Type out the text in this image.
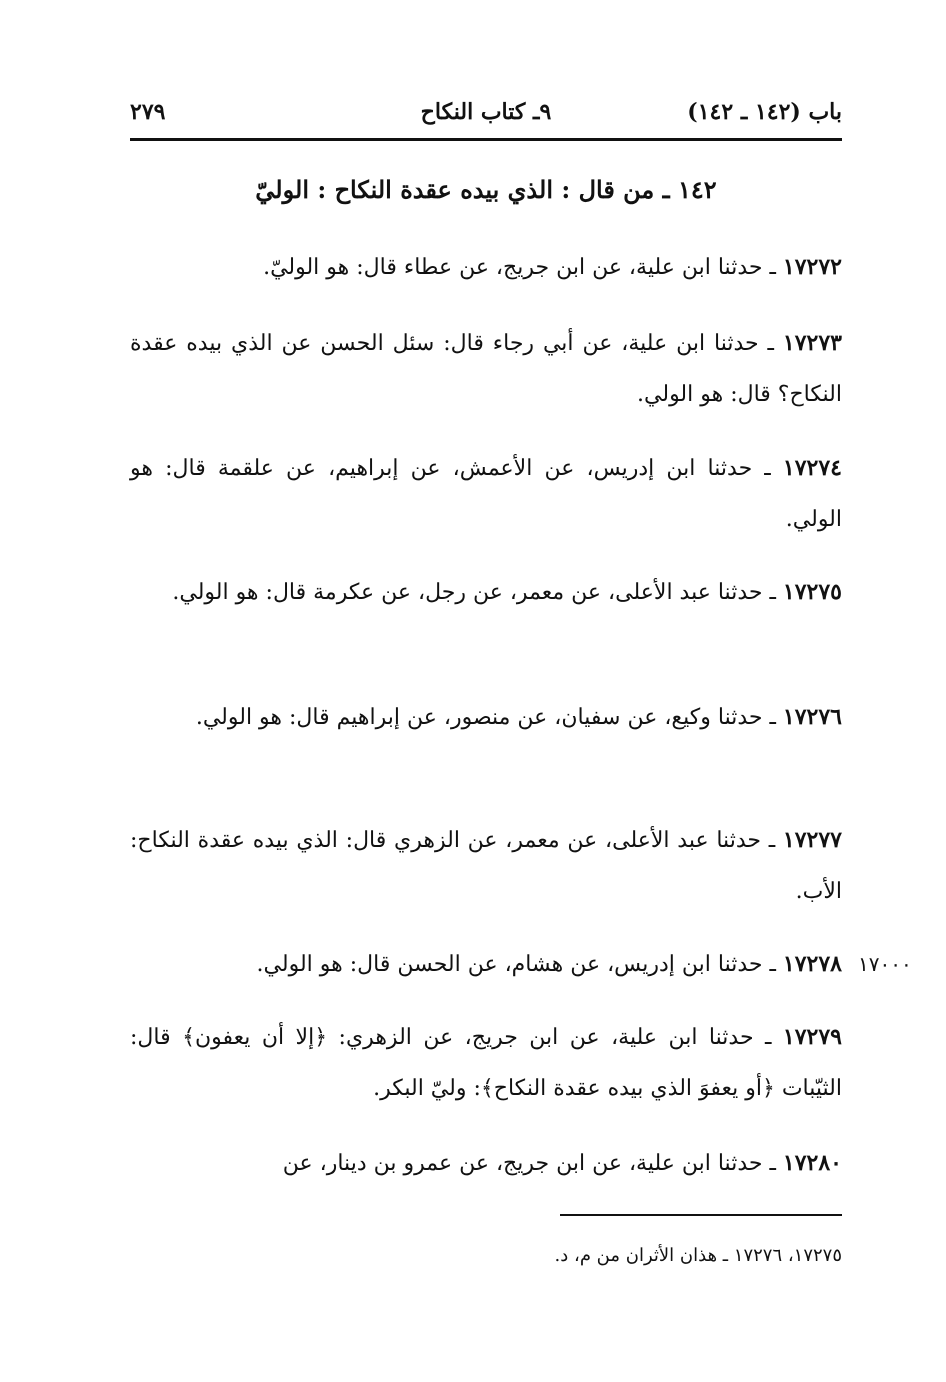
باب (١٤٢ ـ ١٤٢)
٩ـ كتاب النكاح
٢٧٩
١٤٢ ـ من قال : الذي بيده عقدة النكاح : الوليّ
١٧٢٧٢ ـ حدثنا ابن علية، عن ابن جريج، عن عطاء قال: هو الوليّ.
١٧٢٧٣ ـ حدثنا ابن علية، عن أبي رجاء قال: سئل الحسن عن الذي بيده عقدة النكاح؟ قال: هو الولي.
١٧٢٧٤ ـ حدثنا ابن إدريس، عن الأعمش، عن إبراهيم، عن علقمة قال: هو الولي.
١٧٢٧٥ ـ حدثنا عبد الأعلى، عن معمر، عن رجل، عن عكرمة قال: هو الولي.
١٧٢٧٦ ـ حدثنا وكيع، عن سفيان، عن منصور، عن إبراهيم قال: هو الولي.
١٧٢٧٧ ـ حدثنا عبد الأعلى، عن معمر، عن الزهري قال: الذي بيده عقدة النكاح: الأب.
١٧٢٧٨ ـ حدثنا ابن إدريس، عن هشام، عن الحسن قال: هو الولي.	١٧٠٠٠
١٧٢٧٩ ـ حدثنا ابن علية، عن ابن جريج، عن الزهري: ﴿إلا أن يعفون﴾ قال: الثيّبات ﴿أو يعفوَ الذي بيده عقدة النكاح﴾: وليّ البكر.
١٧٢٨٠ ـ حدثنا ابن علية، عن ابن جريج، عن عمرو بن دينار، عن
١٧٢٧٥، ١٧٢٧٦ ـ هذان الأثران من م، د.
